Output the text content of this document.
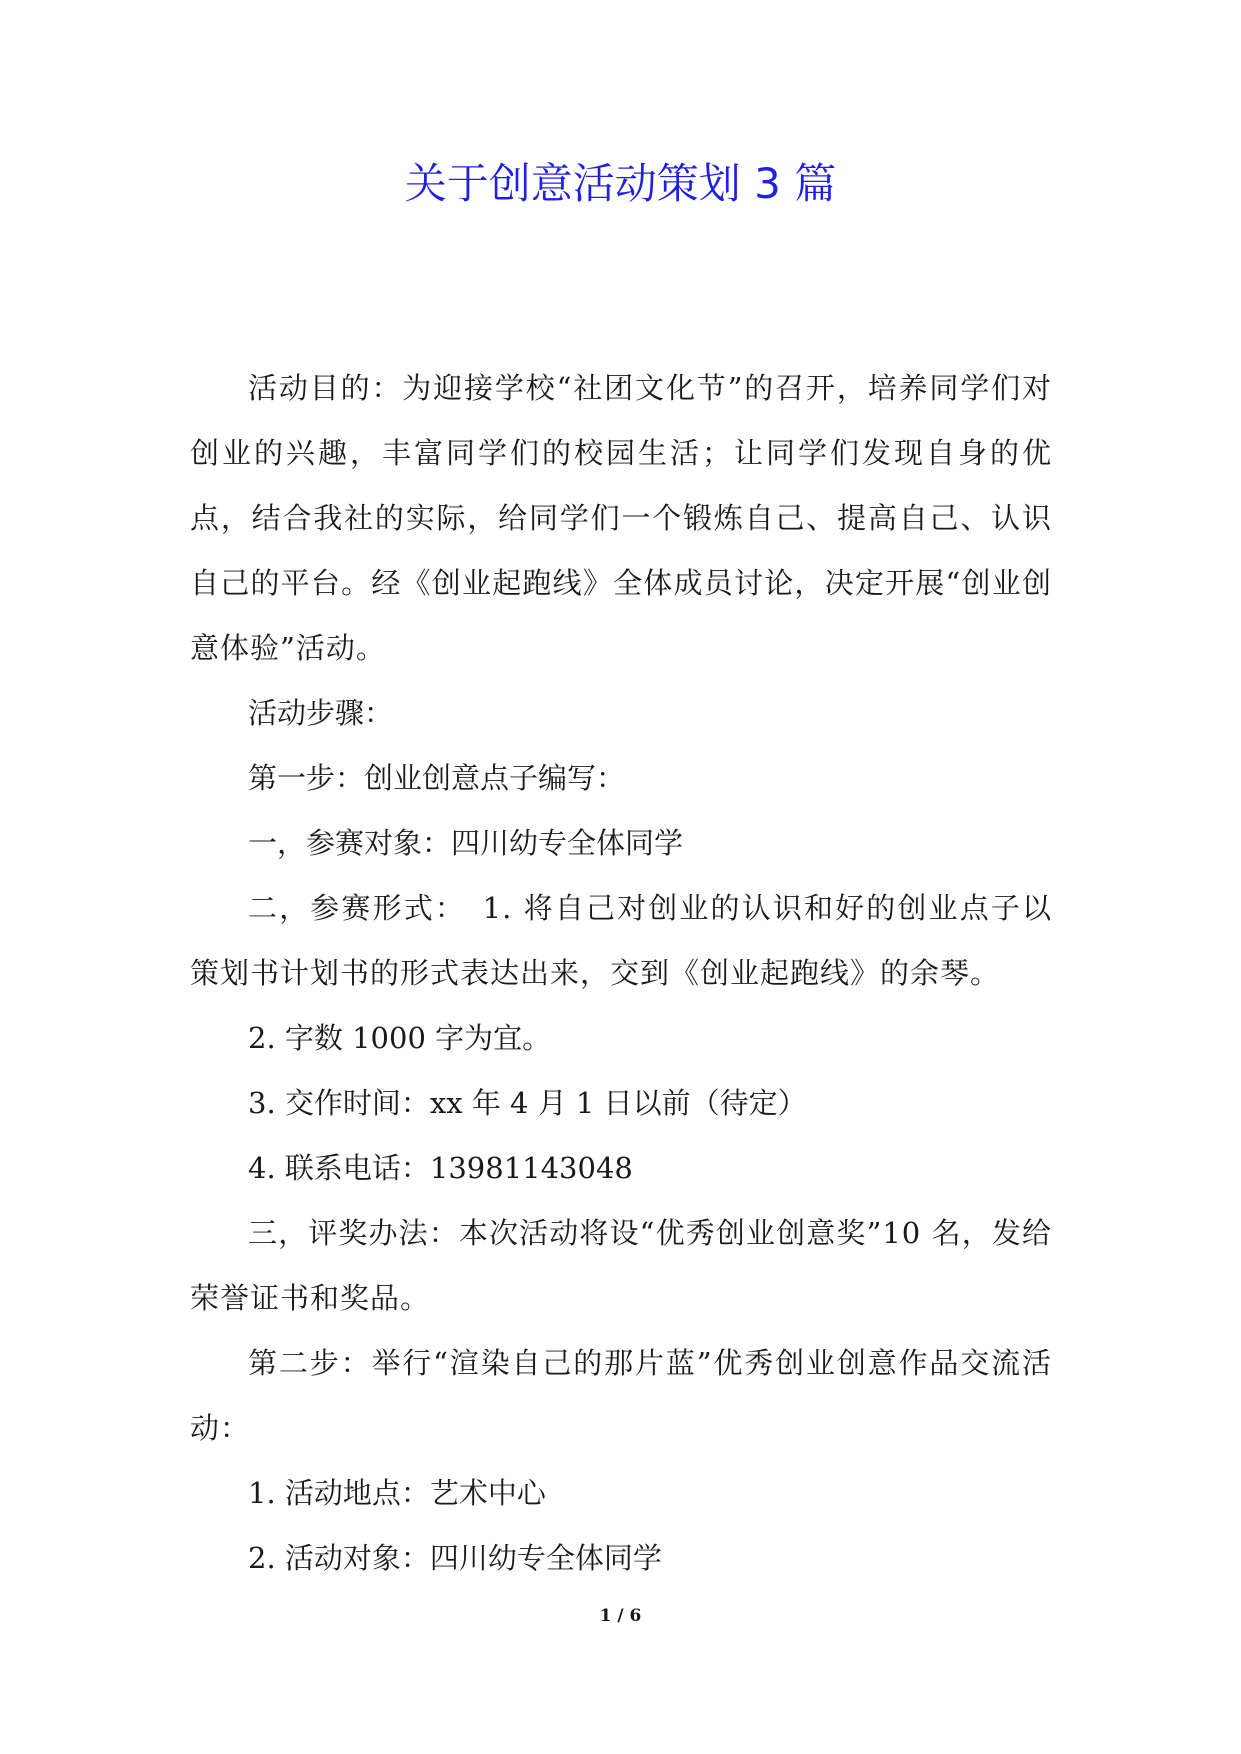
关于创意活动策划 3 篇

活动目的：为迎接学校“社团文化节”的召开，培养同学们对创业的兴趣，丰富同学们的校园生活；让同学们发现自身的优点，结合我社的实际，给同学们一个锻炼自己、提高自己、认识自己的平台。经《创业起跑线》全体成员讨论，决定开展“创业创意体验”活动。

活动步骤：

第一步：创业创意点子编写：

一，参赛对象：四川幼专全体同学

二，参赛形式：　1. 将自己对创业的认识和好的创业点子以策划书计划书的形式表达出来，交到《创业起跑线》的余琴。

2. 字数 1000 字为宜。

3. 交作时间：xx 年 4 月 1 日以前（待定）

4. 联系电话：13981143048

三，评奖办法：本次活动将设“优秀创业创意奖”10 名，发给荣誉证书和奖品。

第二步：举行“渲染自己的那片蓝”优秀创业创意作品交流活动：

1. 活动地点：艺术中心

2. 活动对象：四川幼专全体同学

1 / 6
